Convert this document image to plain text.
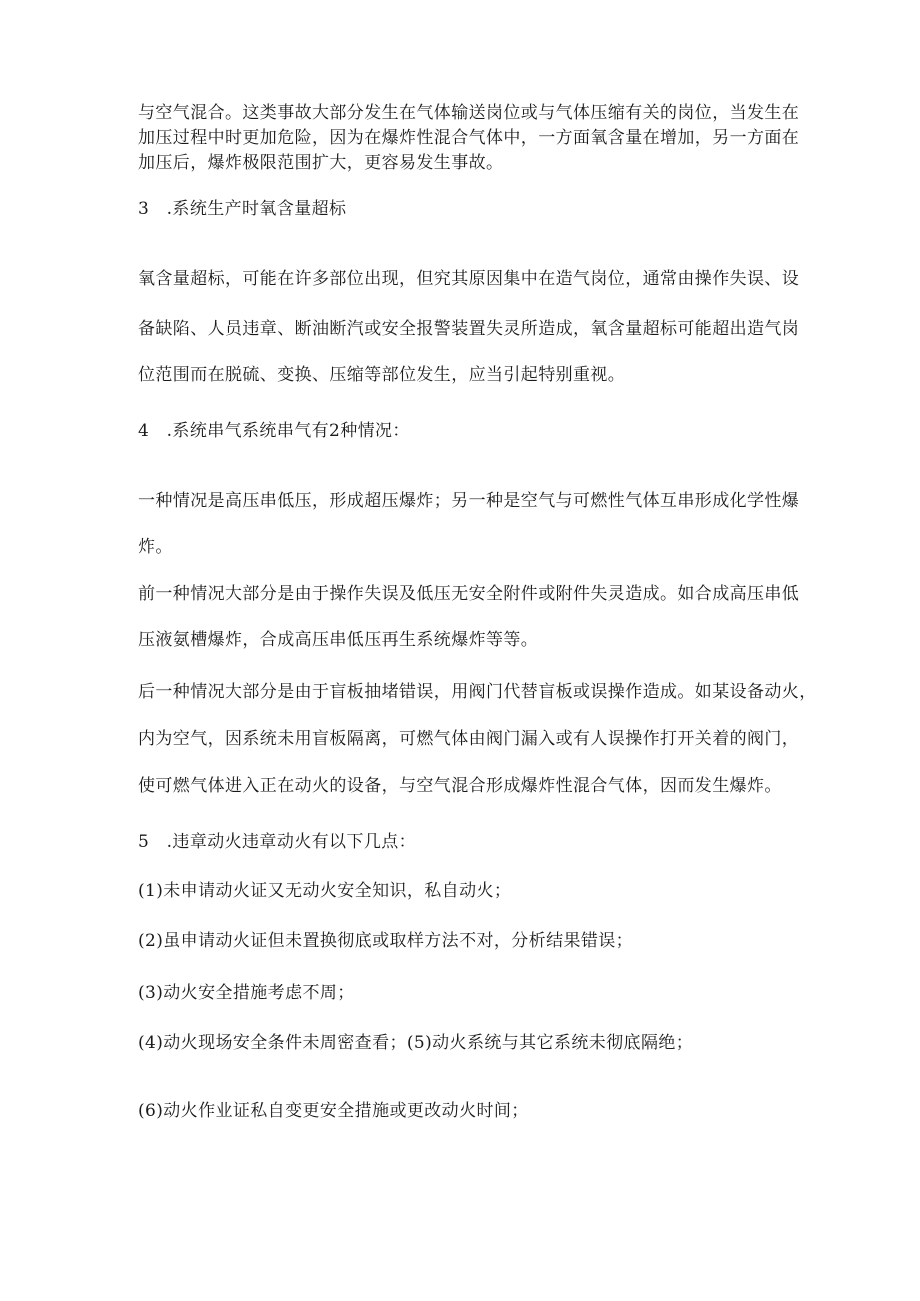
与空气混合。这类事故大部分发生在气体输送岗位或与气体压缩有关的岗位，当发生在

加压过程中时更加危险，因为在爆炸性混合气体中，一方面氧含量在增加，另一方面在

加压后，爆炸极限范围扩大，更容易发生事故。

3　.系统生产时氧含量超标

氧含量超标，可能在许多部位出现，但究其原因集中在造气岗位，通常由操作失误、设

备缺陷、人员违章、断油断汽或安全报警装置失灵所造成，氧含量超标可能超出造气岗

位范围而在脱硫、变换、压缩等部位发生，应当引起特别重视。

4　.系统串气系统串气有2种情况：

一种情况是高压串低压，形成超压爆炸；另一种是空气与可燃性气体互串形成化学性爆

炸。

前一种情况大部分是由于操作失误及低压无安全附件或附件失灵造成。如合成高压串低

压液氨槽爆炸，合成高压串低压再生系统爆炸等等。

后一种情况大部分是由于盲板抽堵错误，用阀门代替盲板或误操作造成。如某设备动火，

内为空气，因系统未用盲板隔离，可燃气体由阀门漏入或有人误操作打开关着的阀门，

使可燃气体进入正在动火的设备，与空气混合形成爆炸性混合气体，因而发生爆炸。

5　.违章动火违章动火有以下几点：

(1)未申请动火证又无动火安全知识，私自动火；

(2)虽申请动火证但未置换彻底或取样方法不对，分析结果错误；

(3)动火安全措施考虑不周；

(4)动火现场安全条件未周密查看；(5)动火系统与其它系统未彻底隔绝；

(6)动火作业证私自变更安全措施或更改动火时间；
